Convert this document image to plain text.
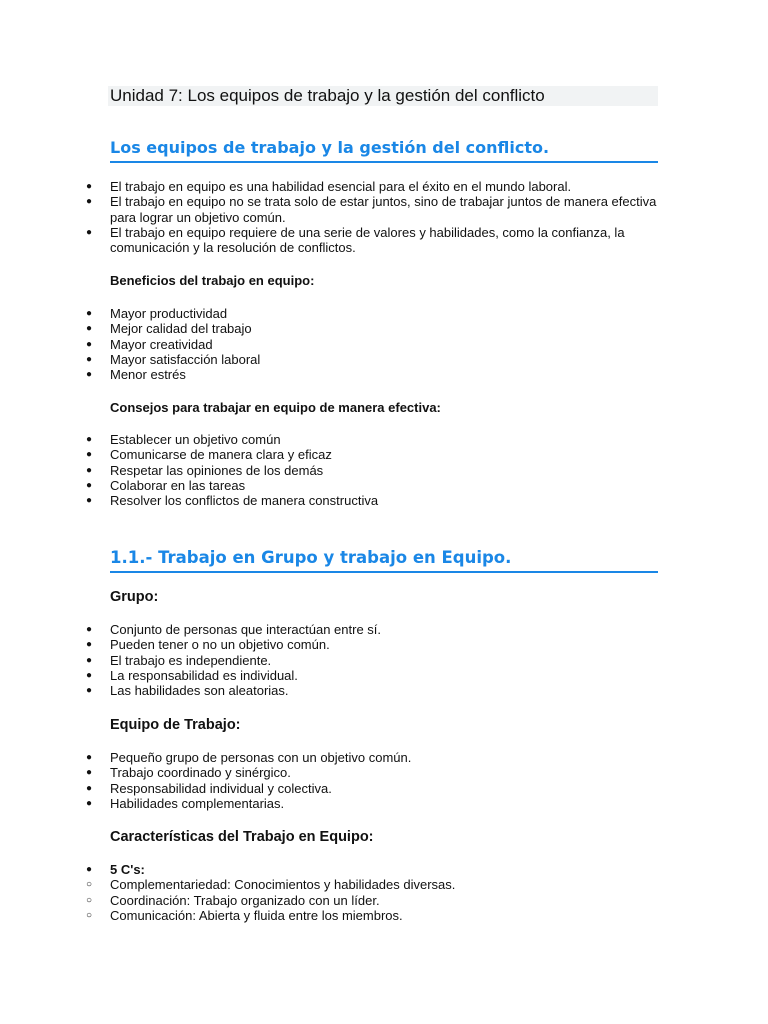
Unidad 7: Los equipos de trabajo y la gestión del conflicto
Los equipos de trabajo y la gestión del conflicto.
●	El trabajo en equipo es una habilidad esencial para el éxito en el mundo laboral.
●	El trabajo en equipo no se trata solo de estar juntos, sino de trabajar juntos de manera efectiva para lograr un objetivo común.
●	El trabajo en equipo requiere de una serie de valores y habilidades, como la confianza, la comunicación y la resolución de conflictos.
Beneficios del trabajo en equipo:
●	Mayor productividad
●	Mejor calidad del trabajo
●	Mayor creatividad
●	Mayor satisfacción laboral
●	Menor estrés
Consejos para trabajar en equipo de manera efectiva:
●	Establecer un objetivo común
●	Comunicarse de manera clara y eficaz
●	Respetar las opiniones de los demás
●	Colaborar en las tareas
●	Resolver los conflictos de manera constructiva
1.1.- Trabajo en Grupo y trabajo en Equipo.
Grupo:
●	Conjunto de personas que interactúan entre sí.
●	Pueden tener o no un objetivo común.
●	El trabajo es independiente.
●	La responsabilidad es individual.
●	Las habilidades son aleatorias.
Equipo de Trabajo:
●	Pequeño grupo de personas con un objetivo común.
●	Trabajo coordinado y sinérgico.
●	Responsabilidad individual y colectiva.
●	Habilidades complementarias.
Características del Trabajo en Equipo:
●	5 C's:
○	Complementariedad: Conocimientos y habilidades diversas.
○	Coordinación: Trabajo organizado con un líder.
○	Comunicación: Abierta y fluida entre los miembros.
